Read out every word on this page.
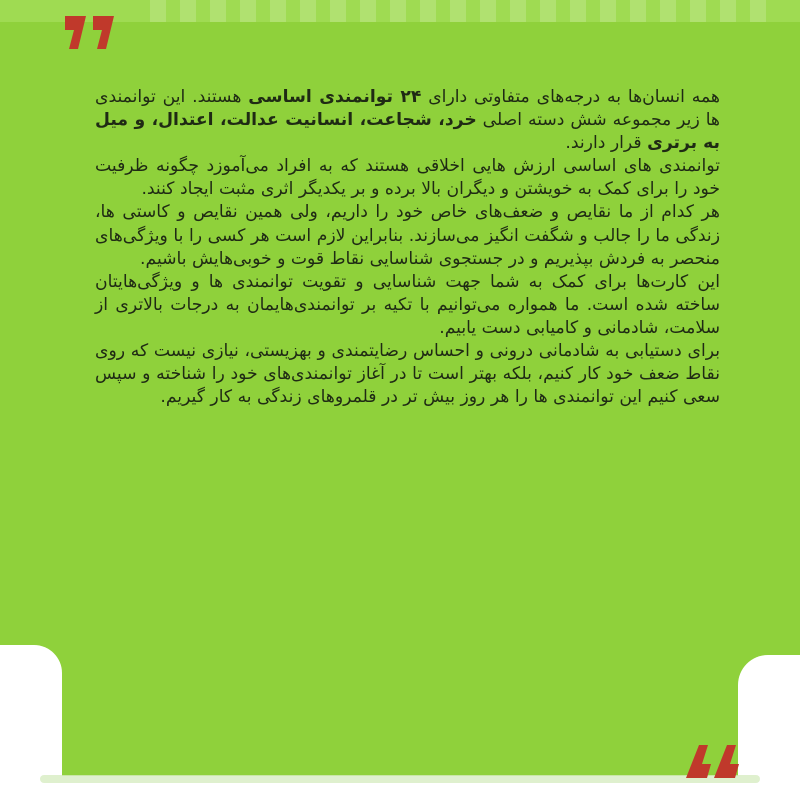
همه انسان‌ها به درجه‌های متفاوتی دارای ۲۴ توانمندی اساسی هستند. این توانمندی ها زیر مجموعه شش دسته اصلی خرد، شجاعت، انسانیت عدالت، اعتدال، و میل به برتری قرار دارند.

توانمندی های اساسی ارزش هایی اخلاقی هستند که به افراد می‌آموزد چگونه ظرفیت خود را برای کمک به خویشتن و دیگران بالا برده و بر یکدیگر اثری مثبت ایجاد کنند.

هر کدام از ما نقایص و ضعف‌های خاص خود را داریم، ولی همین نقایص و کاستی ها، زندگی ما را جالب و شگفت انگیز می‌سازند. بنابراین لازم است هر کسی را با ویژگی‌های منحصر به فردش بپذیریم و در جستجوی شناسایی نقاط قوت و خوبی‌هایش باشیم.

این کارت‌ها برای کمک به شما جهت شناسایی و تقویت توانمندی ها و ویژگی‌هایتان ساخته شده است. ما همواره می‌توانیم با تکیه بر توانمندی‌هایمان به درجات بالاتری از سلامت، شادمانی و کامیابی دست یابیم.

برای دستیابی به شادمانی درونی و احساس رضایتمندی و بهزیستی، نیازی نیست که روی نقاط ضعف خود کار کنیم، بلکه بهتر است تا در آغاز توانمندی‌های خود را شناخته و سپس سعی کنیم این توانمندی ها را هر روز بیش تر در قلمروهای زندگی به کار گیریم.
